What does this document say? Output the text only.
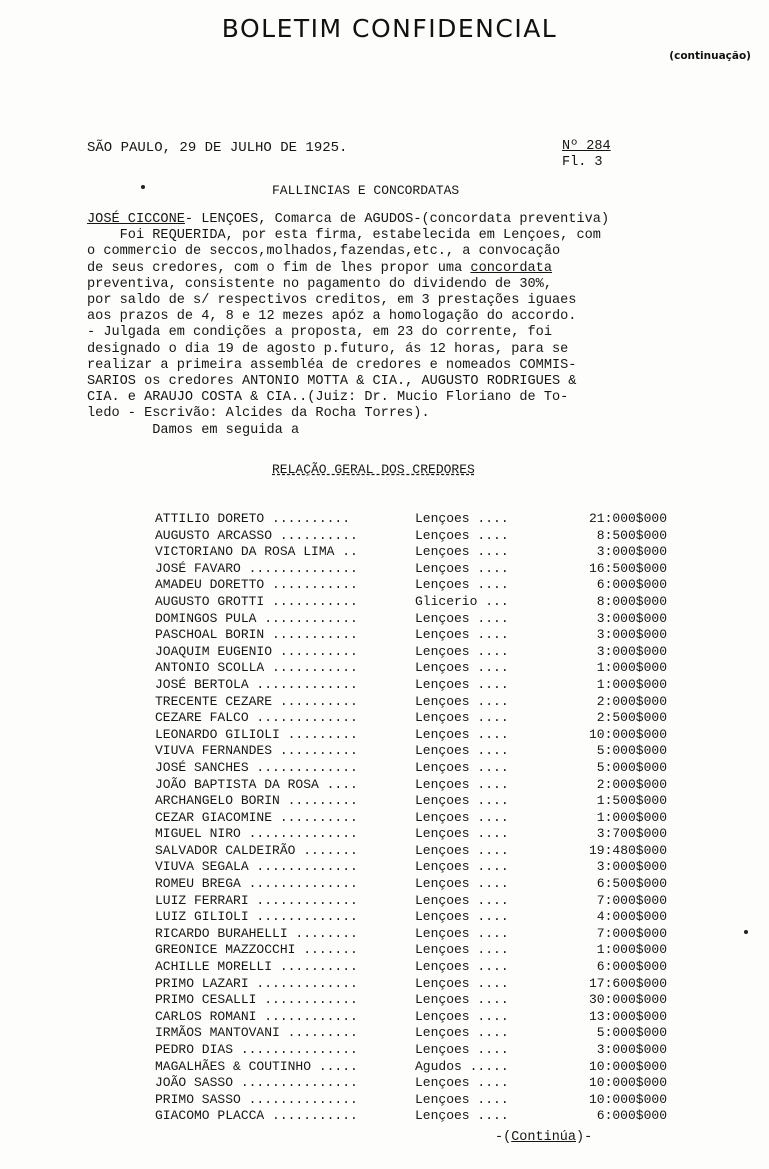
BOLETIM CONFIDENCIAL
(continuação)
SÃO PAULO, 29 DE JULHO DE 1925.	Nº 284
Fl. 3
FALLINCIAS E CONCORDATAS

JOSÉ CICCONE- LENÇOES, Comarca de AGUDOS-(concordata preventiva)

Foi REQUERIDA, por esta firma, estabelecida em Lençoes, com

o commercio de seccos,molhados,fazendas,etc., a convocação

de seus credores, com o fim de lhes propor uma concordata

preventiva, consistente no pagamento do dividendo de 30%,

por saldo de s/ respectivos creditos, em 3 prestações iguaes

aos prazos de 4, 8 e 12 mezes apóz a homologação do accordo.

- Julgada em condições a proposta, em 23 do corrente, foi

designado o dia 19 de agosto p.futuro, ás 12 horas, para se

realizar a primeira assembléa de credores e nomeados COMMIS-

SARIOS os credores ANTONIO MOTTA & CIA., AUGUSTO RODRIGUES &

CIA. e ARAUJO COSTA & CIA..(Juiz: Dr. Mucio Floriano de To-

ledo - Escrivão: Alcides da Rocha Torres).

Damos em seguida a

RELAÇÃO GERAL DOS CREDORES
ATTILIO DORETO ..........	Lençoes ....	21:000$000
AUGUSTO ARCASSO ..........	Lençoes ....	8:500$000
VICTORIANO DA ROSA LIMA ..	Lençoes ....	3:000$000
JOSÉ FAVARO ..............	Lençoes ....	16:500$000
AMADEU DORETTO ...........	Lençoes ....	6:000$000
AUGUSTO GROTTI ...........	Glicerio ...	8:000$000
DOMINGOS PULA ............	Lençoes ....	3:000$000
PASCHOAL BORIN ...........	Lençoes ....	3:000$000
JOAQUIM EUGENIO ..........	Lençoes ....	3:000$000
ANTONIO SCOLLA ...........	Lençoes ....	1:000$000
JOSÉ BERTOLA .............	Lençoes ....	1:000$000
TRECENTE CEZARE ..........	Lençoes ....	2:000$000
CEZARE FALCO .............	Lençoes ....	2:500$000
LEONARDO GILIOLI .........	Lençoes ....	10:000$000
VIUVA FERNANDES ..........	Lençoes ....	5:000$000
JOSÉ SANCHES .............	Lençoes ....	5:000$000
JOÃO BAPTISTA DA ROSA ....	Lençoes ....	2:000$000
ARCHANGELO BORIN .........	Lençoes ....	1:500$000
CEZAR GIACOMINE ..........	Lençoes ....	1:000$000
MIGUEL NIRO ..............	Lençoes ....	3:700$000
SALVADOR CALDEIRÃO .......	Lençoes ....	19:480$000
VIUVA SEGALA .............	Lençoes ....	3:000$000
ROMEU BREGA ..............	Lençoes ....	6:500$000
LUIZ FERRARI .............	Lençoes ....	7:000$000
LUIZ GILIOLI .............	Lençoes ....	4:000$000
RICARDO BURAHELLI ........	Lençoes ....	7:000$000
GREONICE MAZZOCCHI .......	Lençoes ....	1:000$000
ACHILLE MORELLI ..........	Lençoes ....	6:000$000
PRIMO LAZARI .............	Lençoes ....	17:600$000
PRIMO CESALLI ............	Lençoes ....	30:000$000
CARLOS ROMANI ............	Lençoes ....	13:000$000
IRMÃOS MANTOVANI .........	Lençoes ....	5:000$000
PEDRO DIAS ...............	Lençoes ....	3:000$000
MAGALHÃES & COUTINHO .....	Agudos .....	10:000$000
JOÃO SASSO ...............	Lençoes ....	10:000$000
PRIMO SASSO ..............	Lençoes ....	10:000$000
GIACOMO PLACCA ...........	Lençoes ....	6:000$000
-(Continúa)-
